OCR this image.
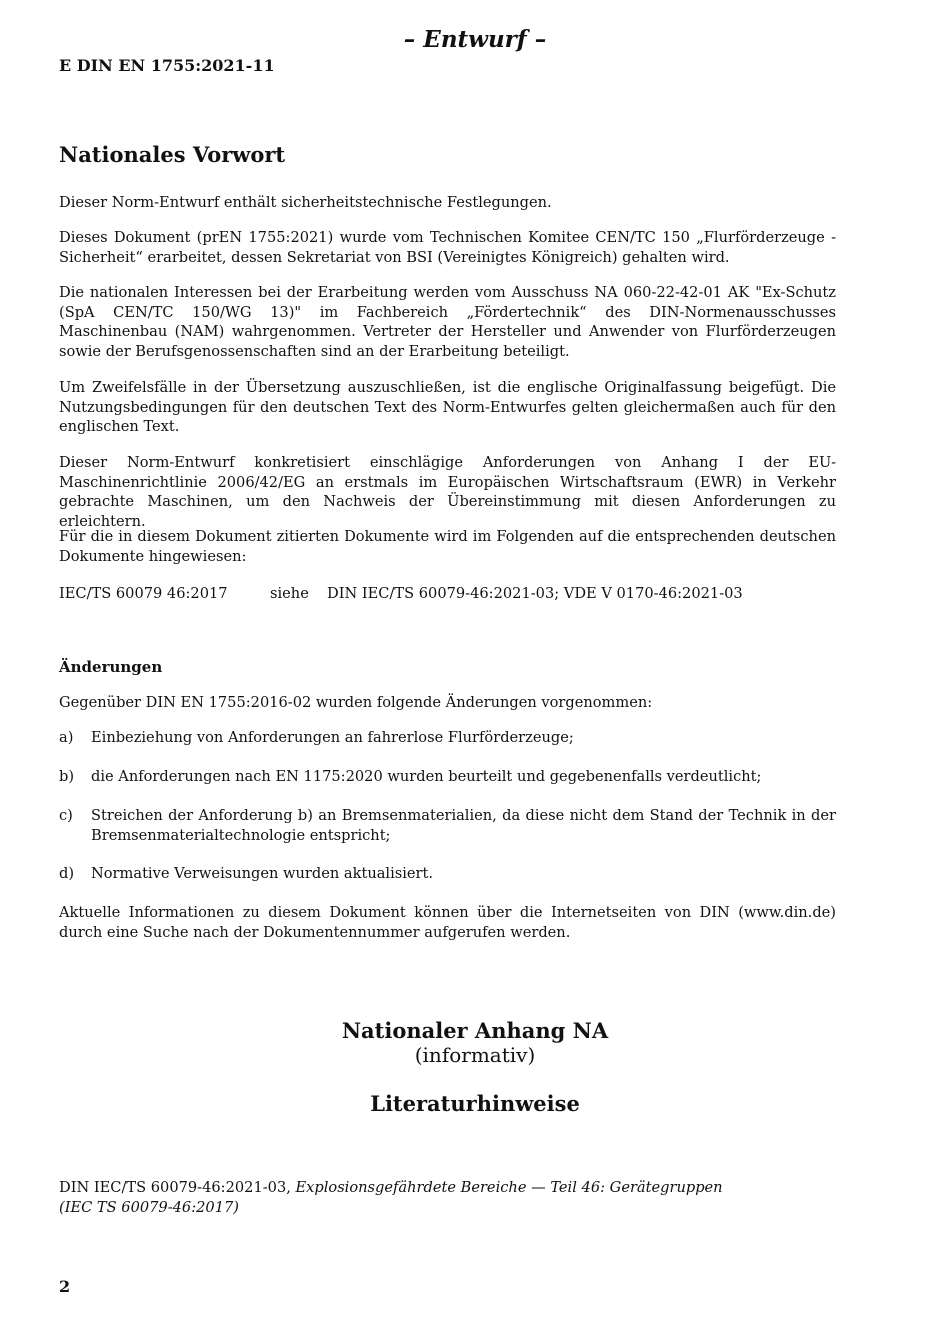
– Entwurf –
E DIN EN 1755:2021-11
Nationales Vorwort

Dieser Norm-Entwurf enthält sicherheitstechnische Festlegungen.

Dieses Dokument (prEN 1755:2021) wurde vom Technischen Komitee CEN/TC 150 „Flurförderzeuge - Sicherheit“ erarbeitet, dessen Sekretariat von BSI (Vereinigtes Königreich) gehalten wird.

Die nationalen Interessen bei der Erarbeitung werden vom Ausschuss NA 060-22-42-01 AK "Ex-Schutz (SpA CEN/TC 150/WG 13)" im Fachbereich „Fördertechnik“ des DIN-Normenausschusses Maschinenbau (NAM) wahrgenommen. Vertreter der Hersteller und Anwender von Flurförderzeugen sowie der Berufsgenossenschaften sind an der Erarbeitung beteiligt.

Um Zweifelsfälle in der Übersetzung auszuschließen, ist die englische Originalfassung beigefügt. Die Nutzungsbedingungen für den deutschen Text des Norm-Entwurfes gelten gleichermaßen auch für den englischen Text.

Dieser Norm-Entwurf konkretisiert einschlägige Anforderungen von Anhang I der EU-Maschinenrichtlinie 2006/42/EG an erstmals im Europäischen Wirtschaftsraum (EWR) in Verkehr gebrachte Maschinen, um den Nachweis der Übereinstimmung mit diesen Anforderungen zu erleichtern.

Für die in diesem Dokument zitierten Dokumente wird im Folgenden auf die entsprechenden deutschen Dokumente hingewiesen:

IEC/TS 60079 46:2017	siehe DIN IEC/TS 60079-46:2021-03; VDE V 0170-46:2021-03
Änderungen

Gegenüber DIN EN 1755:2016-02 wurden folgende Änderungen vorgenommen:

a) Einbeziehung von Anforderungen an fahrerlose Flurförderzeuge;
b) die Anforderungen nach EN 1175:2020 wurden beurteilt und gegebenenfalls verdeutlicht;
c) Streichen der Anforderung b) an Bremsenmaterialien, da diese nicht dem Stand der Technik in der Bremsenmaterialtechnologie entspricht;
d) Normative Verweisungen wurden aktualisiert.

Aktuelle Informationen zu diesem Dokument können über die Internetseiten von DIN (www.din.de) durch eine Suche nach der Dokumentennummer aufgerufen werden.

Nationaler Anhang NA
(informativ)
Literaturhinweise
DIN IEC/TS 60079-46:2021-03, Explosionsgefährdete Bereiche — Teil 46: Gerätegruppen
(IEC TS 60079-46:2017)
2
